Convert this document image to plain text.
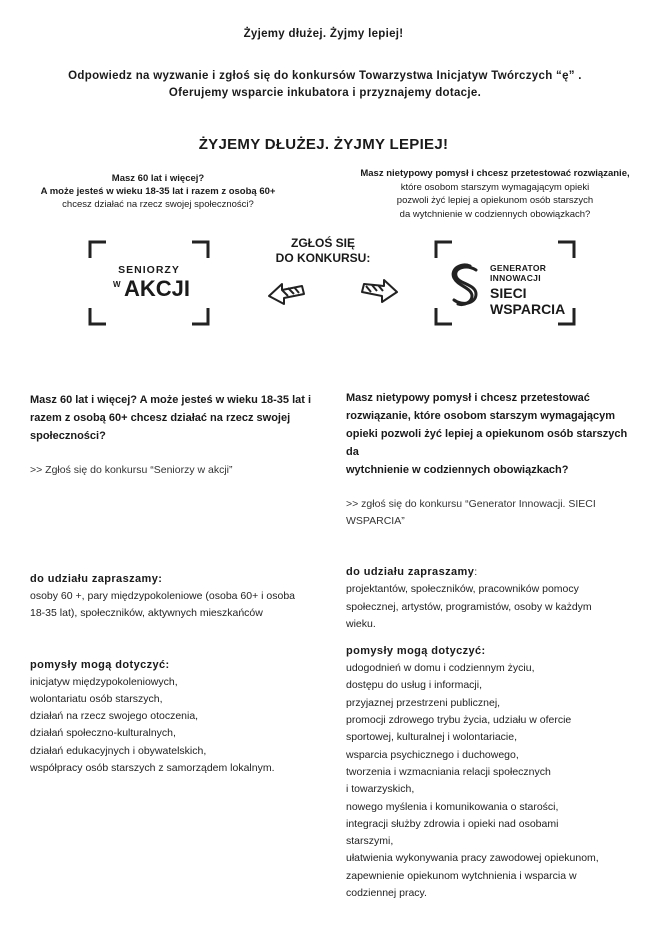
Żyjemy dłużej. Żyjmy lepiej!
Odpowiedz na wyzwanie i zgłoś się do konkursów Towarzystwa Inicjatyw Twórczych “ę” .
Oferujemy wsparcie inkubatora i przyznajemy dotacje.
ŻYJEMY DŁUŻEJ. ŻYJMY LEPIEJ!
Masz 60 lat i więcej?
A może jesteś w wieku 18-35 lat i razem z osobą 60+
chcesz działać na rzecz swojej społeczności?
Masz nietypowy pomysł i chcesz przetestować rozwiązanie,
które osobom starszym wymagającym opieki
pozwoli żyć lepiej a opiekunom osób starszych
da wytchnienie w codziennych obowiązkach?
SENIORZY
W AKCJI
ZGŁOŚ SIĘ
DO KONKURSU:
GENERATOR
INNOWACJI
SIECI
WSPARCIA
Masz 60 lat i więcej? A może jesteś w wieku 18-35 lat i
razem z osobą 60+ chcesz działać na rzecz swojej
społeczności?
>> Zgłoś się do konkursu “Seniorzy w akcji”
do udziału zapraszamy:
osoby 60 +, pary międzypokoleniowe (osoba 60+ i osoba
18-35 lat), społeczników, aktywnych mieszkańców
pomysły mogą dotyczyć:
inicjatyw międzypokoleniowych,
wolontariatu osób starszych,
działań na rzecz swojego otoczenia,
działań społeczno-kulturalnych,
działań edukacyjnych i obywatelskich,
współpracy osób starszych z samorządem lokalnym.
Masz nietypowy pomysł i chcesz przetestować
rozwiązanie, które osobom starszym wymagającym
opieki pozwoli żyć lepiej a opiekunom osób starszych da
wytchnienie w codziennych obowiązkach?
>> zgłoś się do konkursu “Generator Innowacji. SIECI
WSPARCIA”
do udziału zapraszamy:
projektantów, społeczników, pracowników pomocy
społecznej, artystów, programistów, osoby w każdym
wieku.
pomysły mogą dotyczyć:
udogodnień w domu i codziennym życiu,
dostępu do usług i informacji,
przyjaznej przestrzeni publicznej,
promocji zdrowego trybu życia, udziału w ofercie
sportowej, kulturalnej i wolontariacie,
wsparcia psychicznego i duchowego,
tworzenia i wzmacniania relacji społecznych
i towarzyskich,
nowego myślenia i komunikowania o starości,
integracji służby zdrowia i opieki nad osobami
starszymi,
ułatwienia wykonywania pracy zawodowej opiekunom,
zapewnienie opiekunom wytchnienia i wsparcia w
codziennej pracy.
